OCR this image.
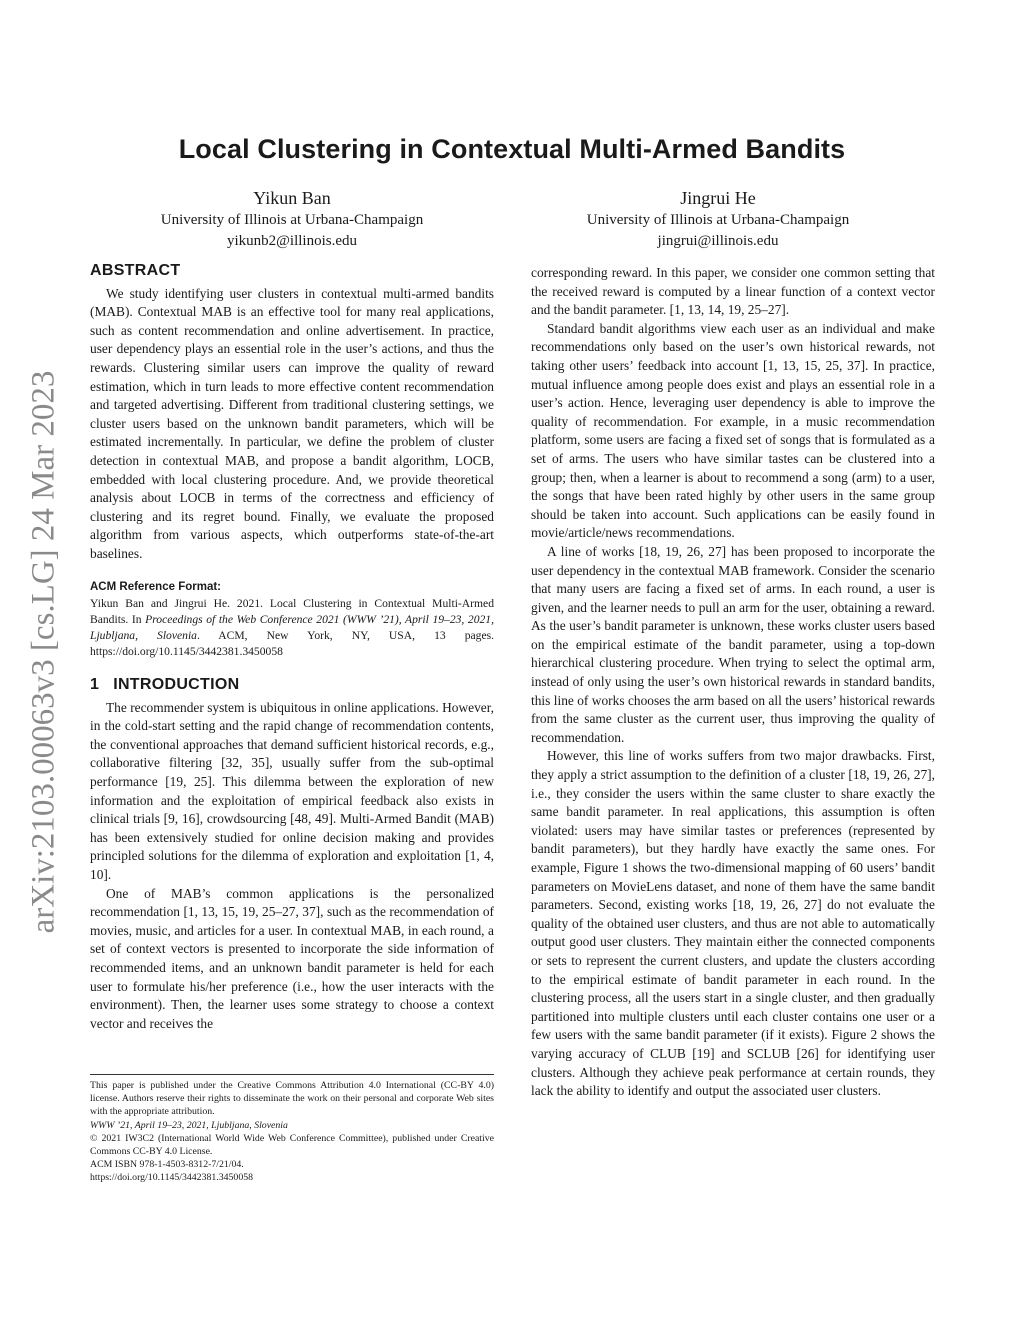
arXiv:2103.00063v3 [cs.LG] 24 Mar 2023
Local Clustering in Contextual Multi-Armed Bandits
Yikun Ban
University of Illinois at Urbana-Champaign
yikunb2@illinois.edu
Jingrui He
University of Illinois at Urbana-Champaign
jingrui@illinois.edu
ABSTRACT

We study identifying user clusters in contextual multi-armed bandits (MAB). Contextual MAB is an effective tool for many real applications, such as content recommendation and online advertisement. In practice, user dependency plays an essential role in the user’s actions, and thus the rewards. Clustering similar users can improve the quality of reward estimation, which in turn leads to more effective content recommendation and targeted advertising. Different from traditional clustering settings, we cluster users based on the unknown bandit parameters, which will be estimated incrementally. In particular, we define the problem of cluster detection in contextual MAB, and propose a bandit algorithm, LOCB, embedded with local clustering procedure. And, we provide theoretical analysis about LOCB in terms of the correctness and efficiency of clustering and its regret bound. Finally, we evaluate the proposed algorithm from various aspects, which outperforms state-of-the-art baselines.

ACM Reference Format:

Yikun Ban and Jingrui He. 2021. Local Clustering in Contextual Multi-Armed Bandits. In Proceedings of the Web Conference 2021 (WWW ’21), April 19–23, 2021, Ljubljana, Slovenia. ACM, New York, NY, USA, 13 pages. https://doi.org/10.1145/3442381.3450058

1 INTRODUCTION

The recommender system is ubiquitous in online applications. However, in the cold-start setting and the rapid change of recommendation contents, the conventional approaches that demand sufficient historical records, e.g., collaborative filtering [32, 35], usually suffer from the sub-optimal performance [19, 25]. This dilemma between the exploration of new information and the exploitation of empirical feedback also exists in clinical trials [9, 16], crowdsourcing [48, 49]. Multi-Armed Bandit (MAB) has been extensively studied for online decision making and provides principled solutions for the dilemma of exploration and exploitation [1, 4, 10].

One of MAB’s common applications is the personalized recommendation [1, 13, 15, 19, 25–27, 37], such as the recommendation of movies, music, and articles for a user. In contextual MAB, in each round, a set of context vectors is presented to incorporate the side information of recommended items, and an unknown bandit parameter is held for each user to formulate his/her preference (i.e., how the user interacts with the environment). Then, the learner uses some strategy to choose a context vector and receives the

This paper is published under the Creative Commons Attribution 4.0 International (CC-BY 4.0) license. Authors reserve their rights to disseminate the work on their personal and corporate Web sites with the appropriate attribution.
WWW ’21, April 19–23, 2021, Ljubljana, Slovenia
© 2021 IW3C2 (International World Wide Web Conference Committee), published under Creative Commons CC-BY 4.0 License.
ACM ISBN 978-1-4503-8312-7/21/04.
https://doi.org/10.1145/3442381.3450058

corresponding reward. In this paper, we consider one common setting that the received reward is computed by a linear function of a context vector and the bandit parameter. [1, 13, 14, 19, 25–27].

Standard bandit algorithms view each user as an individual and make recommendations only based on the user’s own historical rewards, not taking other users’ feedback into account [1, 13, 15, 25, 37]. In practice, mutual influence among people does exist and plays an essential role in a user’s action. Hence, leveraging user dependency is able to improve the quality of recommendation. For example, in a music recommendation platform, some users are facing a fixed set of songs that is formulated as a set of arms. The users who have similar tastes can be clustered into a group; then, when a learner is about to recommend a song (arm) to a user, the songs that have been rated highly by other users in the same group should be taken into account. Such applications can be easily found in movie/article/news recommendations.

A line of works [18, 19, 26, 27] has been proposed to incorporate the user dependency in the contextual MAB framework. Consider the scenario that many users are facing a fixed set of arms. In each round, a user is given, and the learner needs to pull an arm for the user, obtaining a reward. As the user’s bandit parameter is unknown, these works cluster users based on the empirical estimate of the bandit parameter, using a top-down hierarchical clustering procedure. When trying to select the optimal arm, instead of only using the user’s own historical rewards in standard bandits, this line of works chooses the arm based on all the users’ historical rewards from the same cluster as the current user, thus improving the quality of recommendation.

However, this line of works suffers from two major drawbacks. First, they apply a strict assumption to the definition of a cluster [18, 19, 26, 27], i.e., they consider the users within the same cluster to share exactly the same bandit parameter. In real applications, this assumption is often violated: users may have similar tastes or preferences (represented by bandit parameters), but they hardly have exactly the same ones. For example, Figure 1 shows the two-dimensional mapping of 60 users’ bandit parameters on MovieLens dataset, and none of them have the same bandit parameters. Second, existing works [18, 19, 26, 27] do not evaluate the quality of the obtained user clusters, and thus are not able to automatically output good user clusters. They maintain either the connected components or sets to represent the current clusters, and update the clusters according to the empirical estimate of bandit parameter in each round. In the clustering process, all the users start in a single cluster, and then gradually partitioned into multiple clusters until each cluster contains one user or a few users with the same bandit parameter (if it exists). Figure 2 shows the varying accuracy of CLUB [19] and SCLUB [26] for identifying user clusters. Although they achieve peak performance at certain rounds, they lack the ability to identify and output the associated user clusters.
